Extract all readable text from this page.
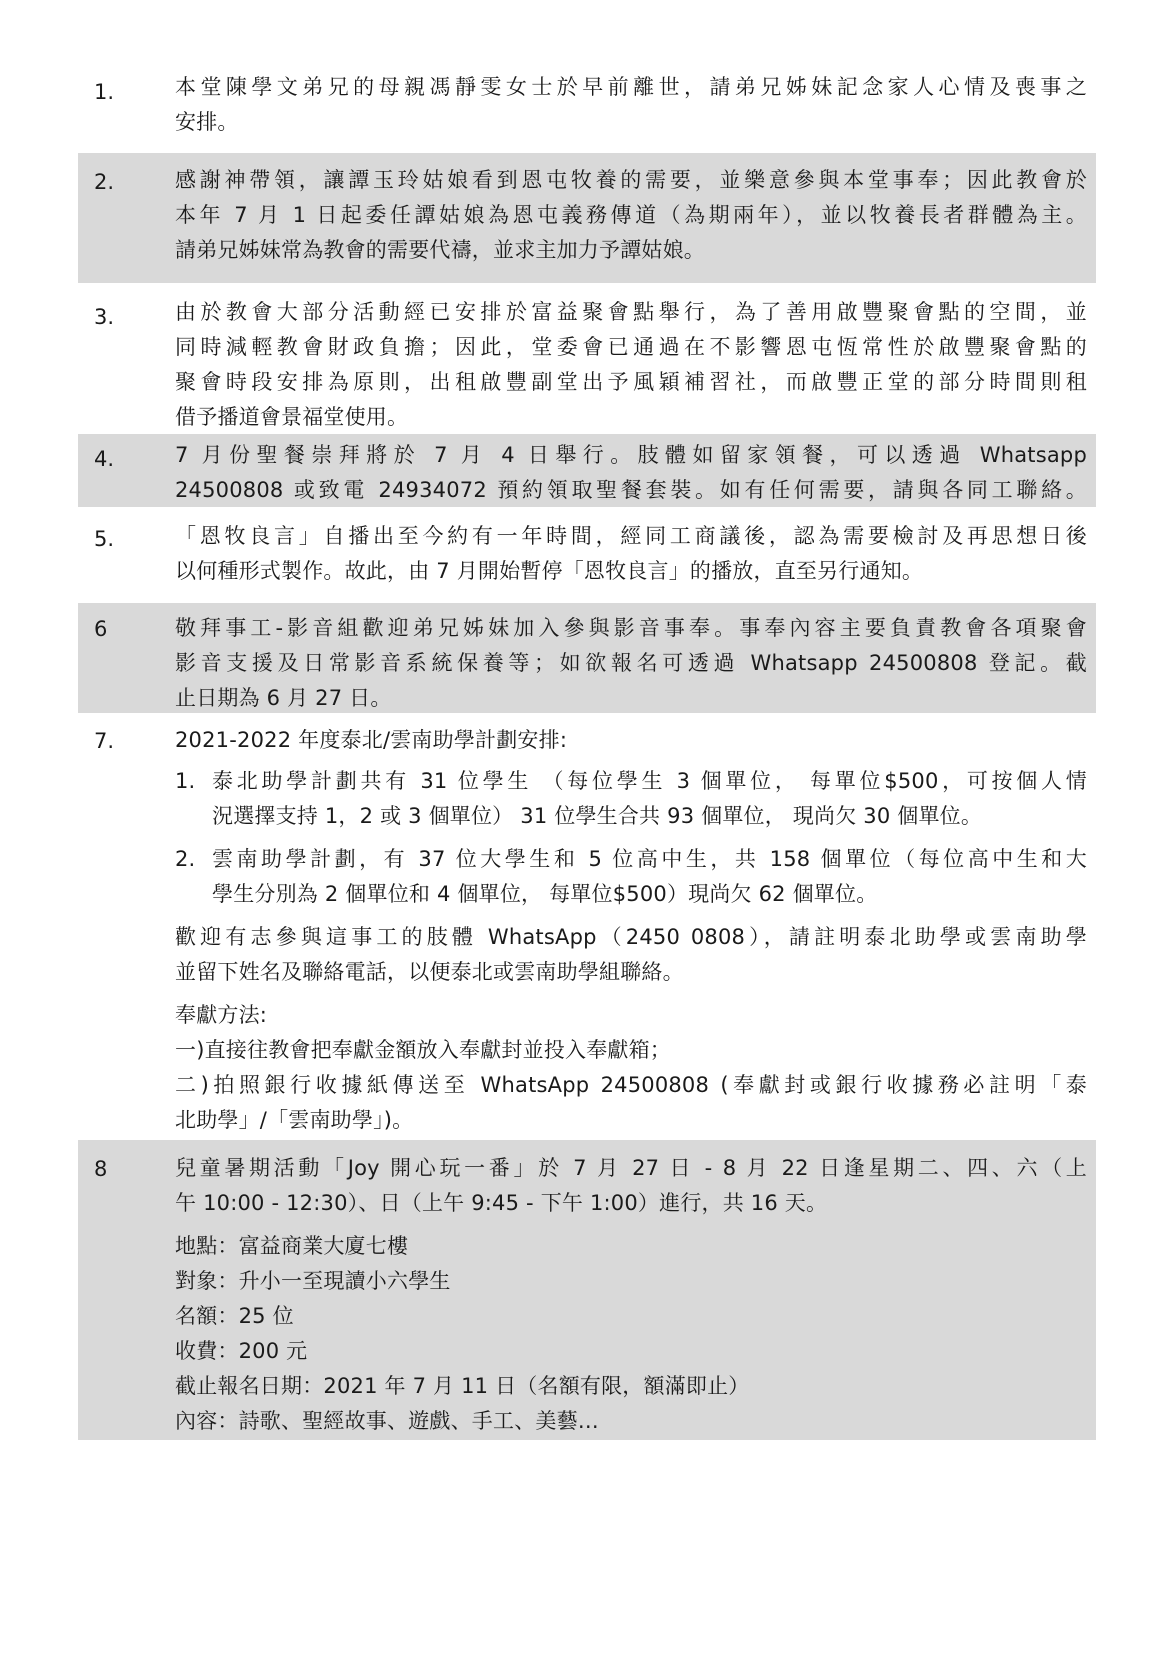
1.	本堂陳學文弟兄的母親馮靜雯女士於早前離世，請弟兄姊妹記念家人心情及喪事之
安排。
2.	感謝神帶領，讓譚玉玲姑娘看到恩屯牧養的需要，並樂意參與本堂事奉；因此教會於
本年 7 月 1 日起委任譚姑娘為恩屯義務傳道（為期兩年），並以牧養長者群體為主。
請弟兄姊妹常為教會的需要代禱，並求主加力予譚姑娘。
3.	由於教會大部分活動經已安排於富益聚會點舉行，為了善用啟豐聚會點的空間，並
同時減輕教會財政負擔；因此，堂委會已通過在不影響恩屯恆常性於啟豐聚會點的
聚會時段安排為原則，出租啟豐副堂出予風穎補習社，而啟豐正堂的部分時間則租
借予播道會景福堂使用。
4.	7 月份聖餐崇拜將於 7 月 4 日舉行。肢體如留家領餐，可以透過 Whatsapp
24500808 或致電 24934072 預約領取聖餐套裝。如有任何需要，請與各同工聯絡。
5.	「恩牧良言」自播出至今約有一年時間，經同工商議後，認為需要檢討及再思想日後
以何種形式製作。故此，由 7 月開始暫停「恩牧良言」的播放，直至另行通知。
6	敬拜事工-影音組歡迎弟兄姊妹加入參與影音事奉。事奉內容主要負責教會各項聚會
影音支援及日常影音系統保養等；如欲報名可透過 Whatsapp 24500808 登記。截
止日期為 6 月 27 日。
7.	2021-2022 年度泰北/雲南助學計劃安排:
1. 泰北助學計劃共有 31 位學生 （每位學生 3 個單位， 每單位$500，可按個人情
況選擇支持 1，2 或 3 個單位） 31 位學生合共 93 個單位， 現尚欠 30 個單位。
2. 雲南助學計劃，有 37 位大學生和 5 位高中生，共 158 個單位（每位高中生和大
學生分別為 2 個單位和 4 個單位， 每單位$500）現尚欠 62 個單位。
歡迎有志參與這事工的肢體 WhatsApp（2450 0808），請註明泰北助學或雲南助學
並留下姓名及聯絡電話，以便泰北或雲南助學組聯絡。
奉獻方法:
一)直接往教會把奉獻金額放入奉獻封並投入奉獻箱；
二)拍照銀行收據紙傳送至 WhatsApp 24500808 (奉獻封或銀行收據務必註明「泰
北助學」/「雲南助學」)。
8	兒童暑期活動「Joy 開心玩一番」於 7 月 27 日 - 8 月 22 日逢星期二、四、六（上
午 10:00 - 12:30）、日（上午 9:45 - 下午 1:00）進行，共 16 天。
地點：富益商業大廈七樓
對象：升小一至現讀小六學生
名額：25 位
收費：200 元
截止報名日期：2021 年 7 月 11 日（名額有限，額滿即止）
內容：詩歌、聖經故事、遊戲、手工、美藝…
